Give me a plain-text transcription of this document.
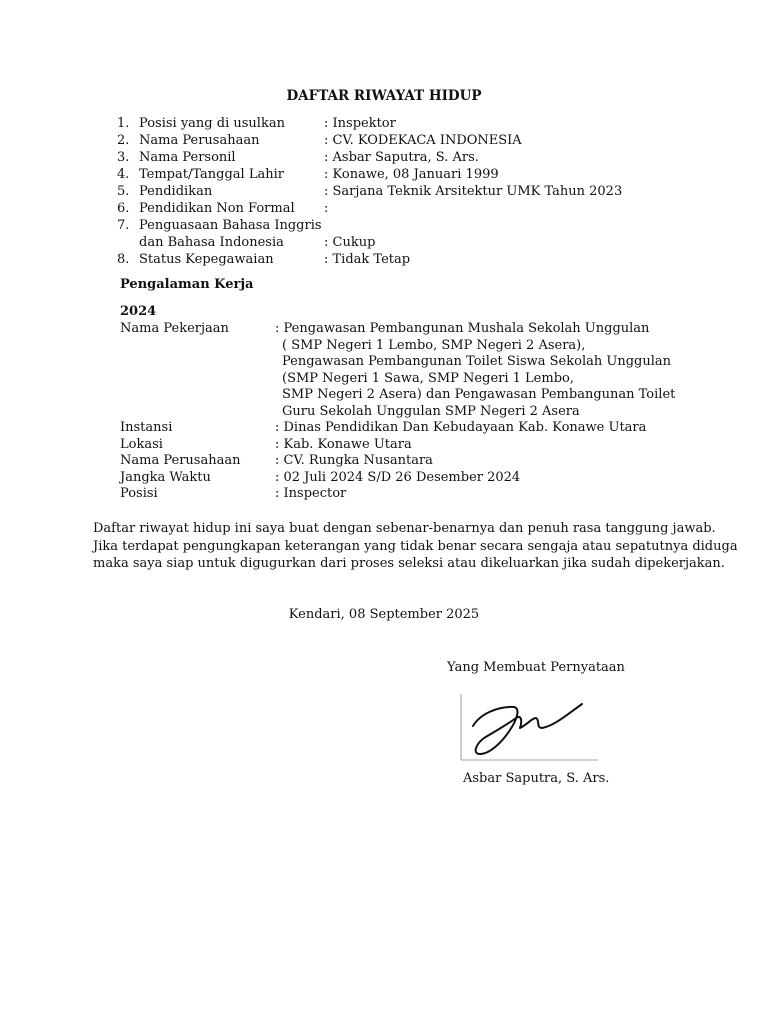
DAFTAR RIWAYAT HIDUP
1. Posisi yang di usulkan	: Inspektor
2. Nama Perusahaan	: CV. KODEKACA INDONESIA
3. Nama Personil	: Asbar Saputra, S. Ars.
4. Tempat/Tanggal Lahir	: Konawe, 08 Januari 1999
5. Pendidikan	: Sarjana Teknik Arsitektur UMK Tahun 2023
6. Pendidikan Non Formal	:
7. Penguasaan Bahasa Inggris
dan Bahasa Indonesia	: Cukup
8. Status Kepegawaian	: Tidak Tetap
Pengalaman Kerja
2024
Nama Pekerjaan	: Pengawasan Pembangunan Mushala Sekolah Unggulan
( SMP Negeri 1 Lembo, SMP Negeri 2 Asera),
Pengawasan Pembangunan Toilet Siswa Sekolah Unggulan
(SMP Negeri 1 Sawa, SMP Negeri 1 Lembo,
SMP Negeri 2 Asera) dan Pengawasan Pembangunan Toilet
Guru Sekolah Unggulan SMP Negeri 2 Asera
Instansi	: Dinas Pendidikan Dan Kebudayaan Kab. Konawe Utara
Lokasi	: Kab. Konawe Utara
Nama Perusahaan	: CV. Rungka Nusantara
Jangka Waktu	: 02 Juli 2024 S/D 26 Desember 2024
Posisi	: Inspector
Daftar riwayat hidup ini saya buat dengan sebenar-benarnya dan penuh rasa tanggung jawab.
Jika terdapat pengungkapan keterangan yang tidak benar secara sengaja atau sepatutnya diduga
maka saya siap untuk digugurkan dari proses seleksi atau dikeluarkan jika sudah dipekerjakan.
Kendari, 08 September 2025
Yang Membuat Pernyataan
Asbar Saputra, S. Ars.
